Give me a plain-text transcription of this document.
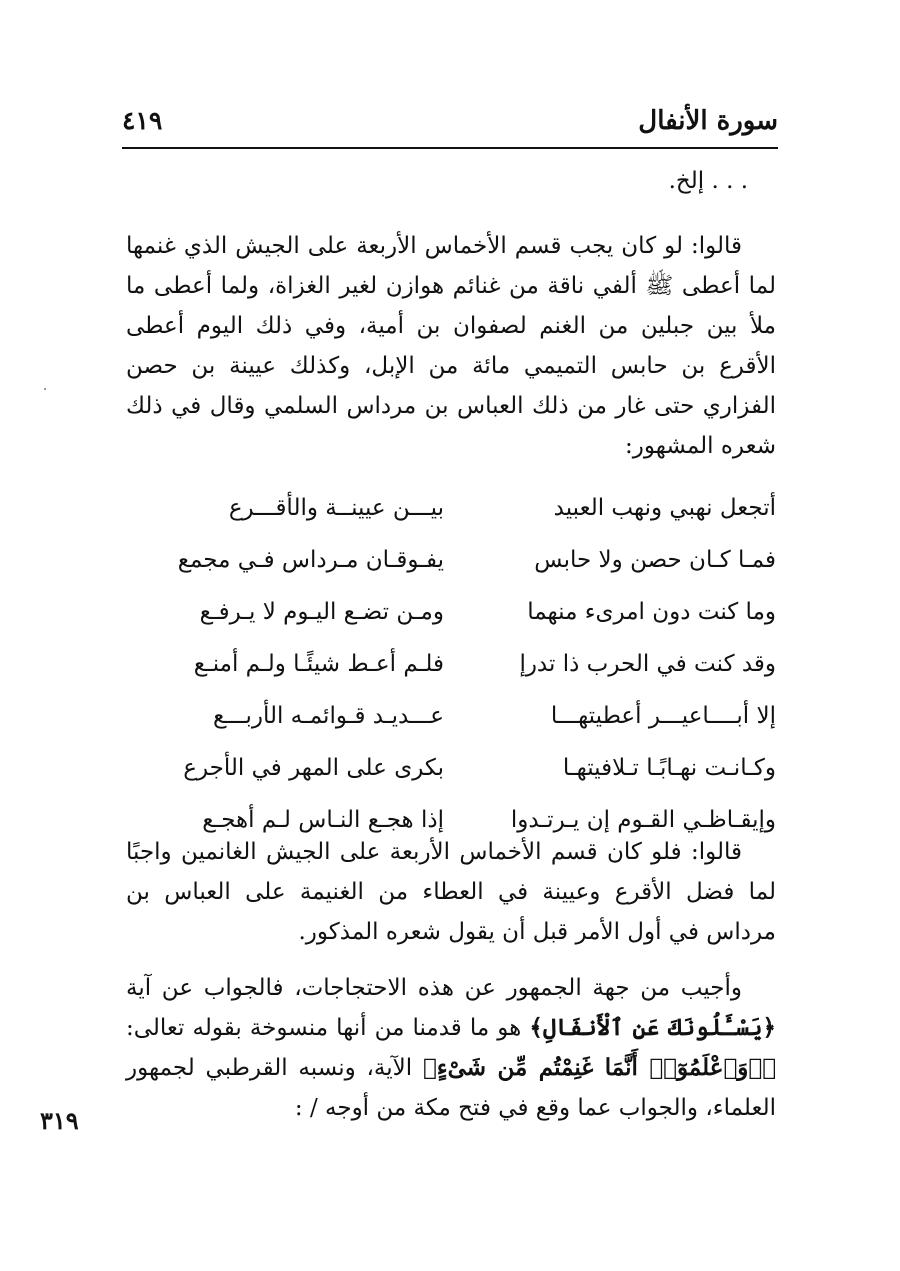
سورة الأنفال
٤١٩
. . . إلخ.

قالوا: لو كان يجب قسم الأخماس الأربعة على الجيش الذي غنمها لما أعطى ﷺ ألفي ناقة من غنائم هوازن لغير الغزاة، ولما أعطى ما ملأ بين جبلين من الغنم لصفوان بن أمية، وفي ذلك اليوم أعطى الأقرع بن حابس التميمي مائة من الإبل، وكذلك عيينة بن حصن الفزاري حتى غار من ذلك العباس بن مرداس السلمي وقال في ذلك شعره المشهور:

أتجعل نهبي ونهب العبيد
بيـــن عيينــة والأقـــرع
فمـا كـان حصن ولا حابس
يفـوقـان مـرداس فـي مجمع
وما كنت دون امرىء منهما
ومـن تضـع اليـوم لا يـرفـع
وقد كنت في الحرب ذا تدرإ
فلـم أعـط شيئًـا ولـم أمنـع
إلا أبــــاعيـــر أعطيتهـــا
عـــديـد قـوائمـه الأربـــع
وكـانـت نهـابًـا تـلافيتهـا
بكرى على المهر في الأجرع
وإيقـاظـي القـوم إن يـرتـدوا
إذا هجـع النـاس لـم أهجـع

قالوا: فلو كان قسم الأخماس الأربعة على الجيش الغانمين واجبًا لما فضل الأقرع وعيينة في العطاء من الغنيمة على العباس بن مرداس في أول الأمر قبل أن يقول شعره المذكور.

وأجيب من جهة الجمهور عن هذه الاحتجاجات، فالجواب عن آية ﴿يَسْـَٔلُونَكَ عَنِ ٱلْأَنفَالِ﴾ هو ما قدمنا من أنها منسوخة بقوله تعالى: ﴿۞وَٱعْلَمُوٓا۟ أَنَّمَا غَنِمْتُم مِّن شَىْءٍ﴾ الآية، ونسبه القرطبي لجمهور العلماء، والجواب عما وقع في فتح مكة من أوجه / :

٣١٩
